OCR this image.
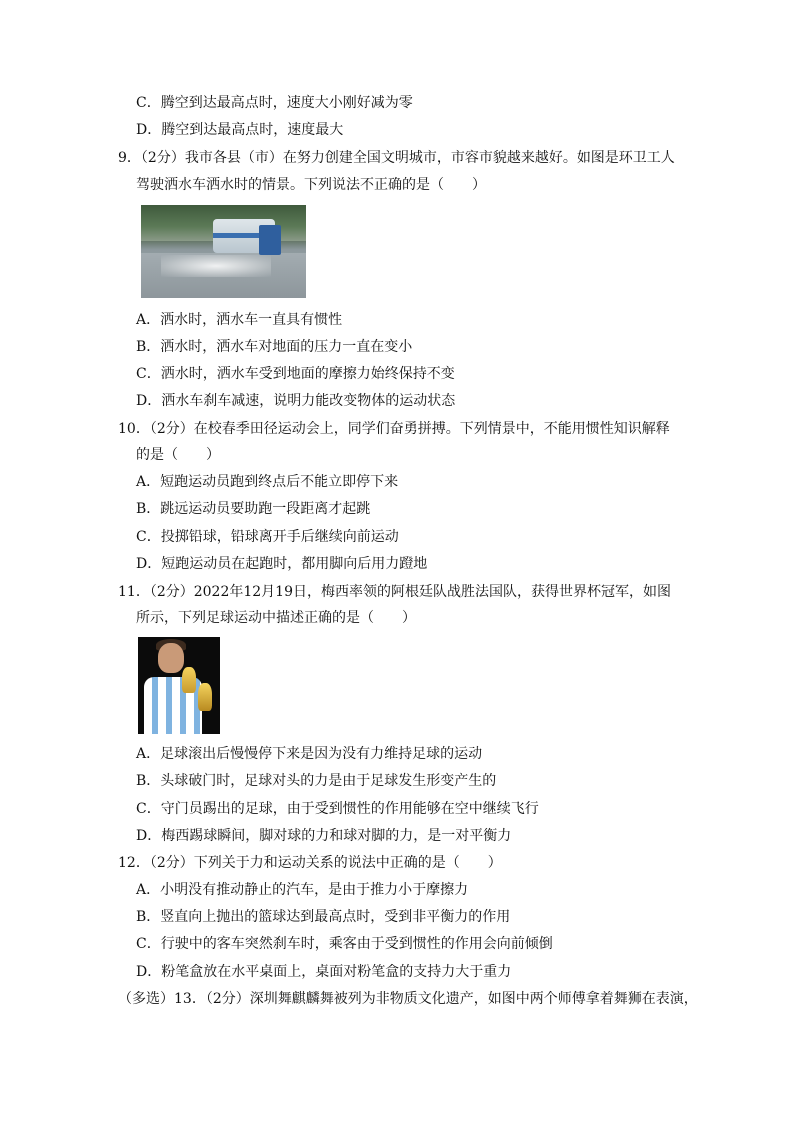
C．腾空到达最高点时，速度大小刚好减为零
D．腾空到达最高点时，速度最大
9．（2分）我市各县（市）在努力创建全国文明城市，市容市貌越来越好。如图是环卫工人
驾驶洒水车洒水时的情景。下列说法不正确的是（　　）
A．洒水时，洒水车一直具有惯性
B．洒水时，洒水车对地面的压力一直在变小
C．洒水时，洒水车受到地面的摩擦力始终保持不变
D．洒水车刹车减速，说明力能改变物体的运动状态
10．（2分）在校春季田径运动会上，同学们奋勇拼搏。下列情景中，不能用惯性知识解释
的是（　　）
A．短跑运动员跑到终点后不能立即停下来
B．跳远运动员要助跑一段距离才起跳
C．投掷铅球，铅球离开手后继续向前运动
D．短跑运动员在起跑时，都用脚向后用力蹬地
11．（2分）2022年12月19日，梅西率领的阿根廷队战胜法国队，获得世界杯冠军，如图
所示，下列足球运动中描述正确的是（　　）
A．足球滚出后慢慢停下来是因为没有力维持足球的运动
B．头球破门时，足球对头的力是由于足球发生形变产生的
C．守门员踢出的足球，由于受到惯性的作用能够在空中继续飞行
D．梅西踢球瞬间，脚对球的力和球对脚的力，是一对平衡力
12．（2分）下列关于力和运动关系的说法中正确的是（　　）
A．小明没有推动静止的汽车，是由于推力小于摩擦力
B．竖直向上抛出的篮球达到最高点时，受到非平衡力的作用
C．行驶中的客车突然刹车时，乘客由于受到惯性的作用会向前倾倒
D．粉笔盒放在水平桌面上，桌面对粉笔盒的支持力大于重力
（多选）13．（2分）深圳舞麒麟舞被列为非物质文化遗产，如图中两个师傅拿着舞狮在表演，
